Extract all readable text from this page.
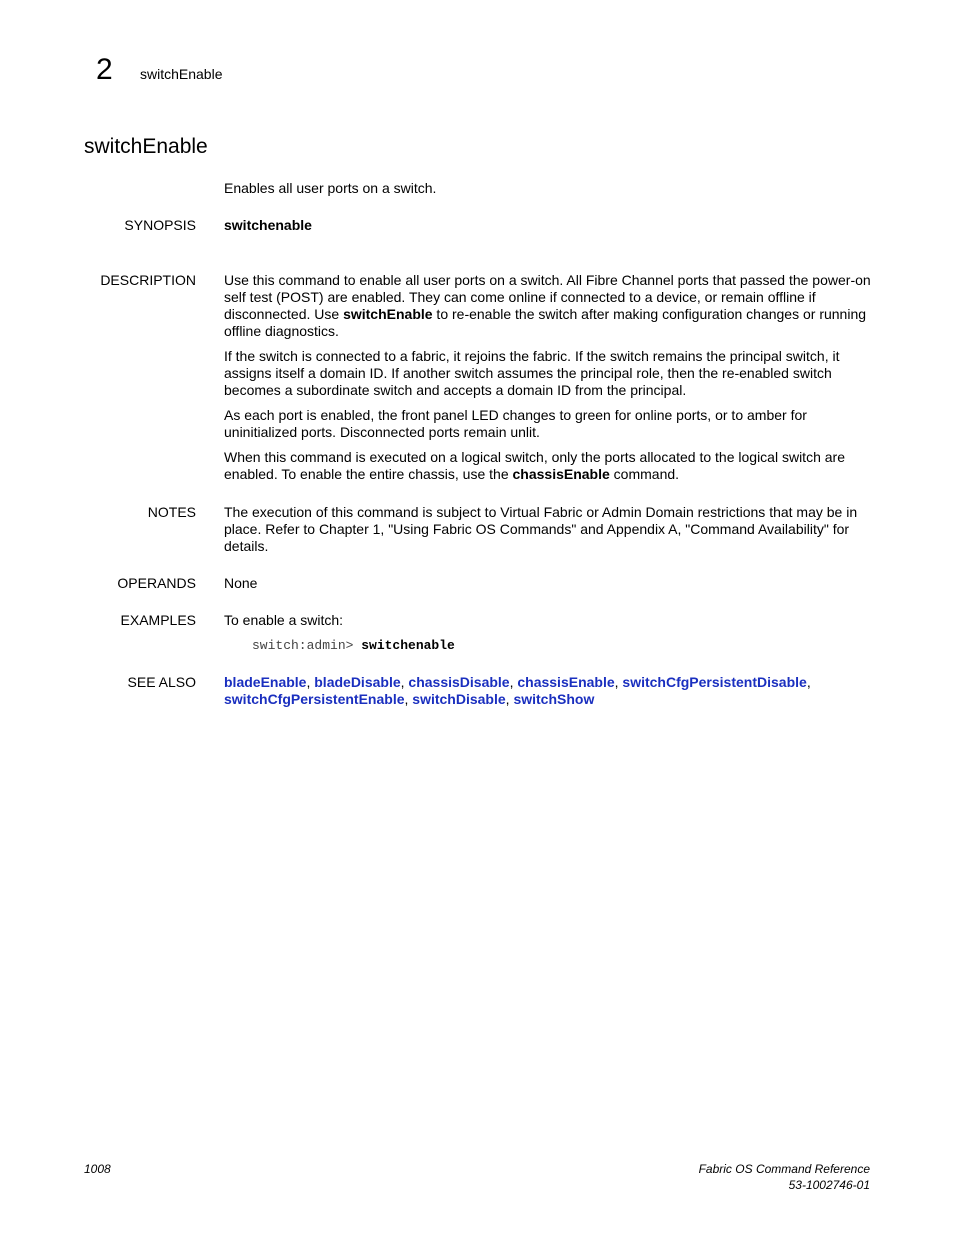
2 switchEnable
switchEnable
Enables all user ports on a switch.
SYNOPSIS switchenable
DESCRIPTION Use this command to enable all user ports on a switch. All Fibre Channel ports that passed the power-on self test (POST) are enabled. They can come online if connected to a device, or remain offline if disconnected. Use switchEnable to re-enable the switch after making configuration changes or running offline diagnostics.

If the switch is connected to a fabric, it rejoins the fabric. If the switch remains the principal switch, it assigns itself a domain ID. If another switch assumes the principal role, then the re-enabled switch becomes a subordinate switch and accepts a domain ID from the principal.

As each port is enabled, the front panel LED changes to green for online ports, or to amber for uninitialized ports. Disconnected ports remain unlit.

When this command is executed on a logical switch, only the ports allocated to the logical switch are enabled. To enable the entire chassis, use the chassisEnable command.

NOTES The execution of this command is subject to Virtual Fabric or Admin Domain restrictions that may be in place. Refer to Chapter 1, "Using Fabric OS Commands" and Appendix A, "Command Availability" for details.
OPERANDS None
EXAMPLES To enable a switch:
switch:admin> switchenable
SEE ALSO bladeEnable, bladeDisable, chassisDisable, chassisEnable, switchCfgPersistentDisable, switchCfgPersistentEnable, switchDisable, switchShow
1008	Fabric OS Command Reference
53-1002746-01
